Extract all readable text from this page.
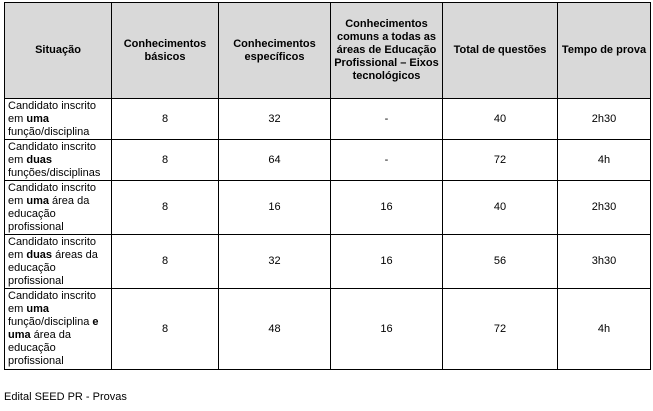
Situação	Conhecimentos básicos	Conhecimentos específicos	Conhecimentos comuns a todas as áreas de Educação Profissional – Eixos tecnológicos	Total de questões	Tempo de prova
Candidato inscrito em uma função/disciplina	8	32	-	40	2h30
Candidato inscrito em duas funções/disciplinas	8	64	-	72	4h
Candidato inscrito em uma área da educação profissional	8	16	16	40	2h30
Candidato inscrito em duas áreas da educação profissional	8	32	16	56	3h30
Candidato inscrito em uma função/disciplina e uma área da educação profissional	8	48	16	72	4h
Edital SEED PR - Provas
